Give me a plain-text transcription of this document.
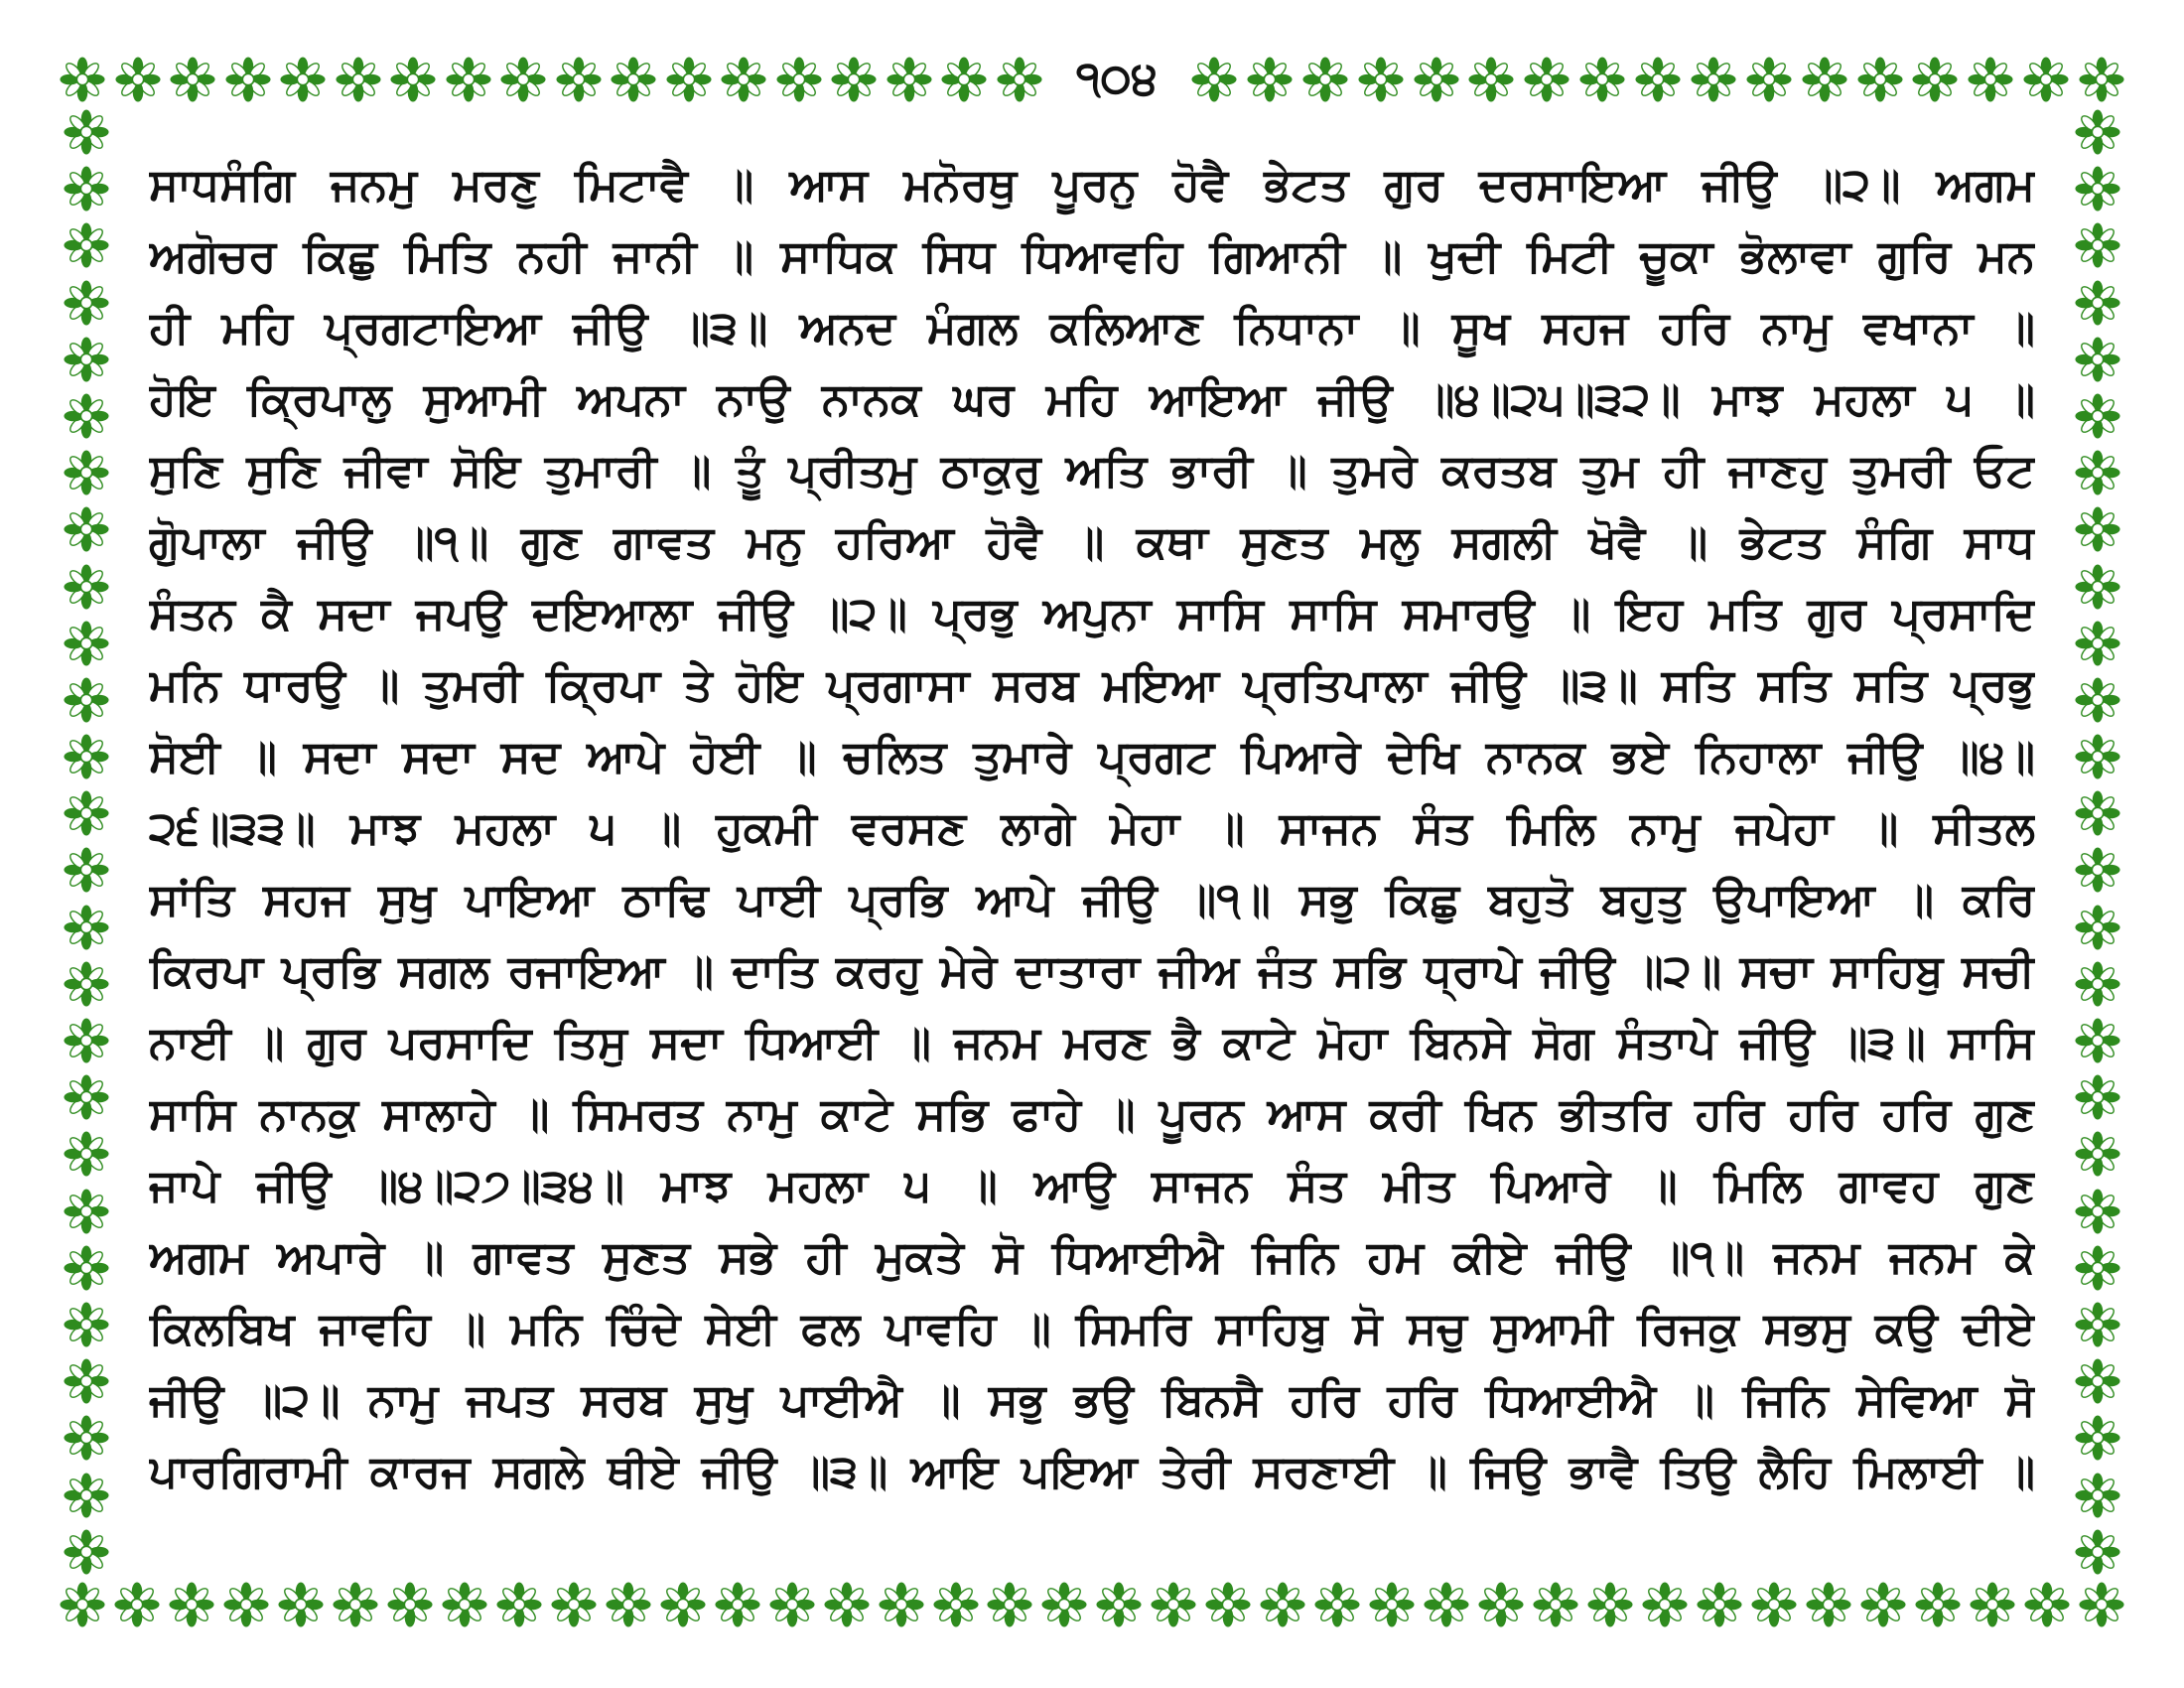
੧੦੪
ਸਾਧਸੰਗਿ ਜਨਮੁ ਮਰਣੁ ਮਿਟਾਵੈ ॥ ਆਸ ਮਨੋਰਥੁ ਪੂਰਨੁ ਹੋਵੈ ਭੇਟਤ ਗੁਰ ਦਰਸਾਇਆ ਜੀਉ ॥੨॥ ਅਗਮ
ਅਗੋਚਰ ਕਿਛੁ ਮਿਤਿ ਨਹੀ ਜਾਨੀ ॥ ਸਾਧਿਕ ਸਿਧ ਧਿਆਵਹਿ ਗਿਆਨੀ ॥ ਖੁਦੀ ਮਿਟੀ ਚੂਕਾ ਭੋਲਾਵਾ ਗੁਰਿ ਮਨ
ਹੀ ਮਹਿ ਪ੍ਰਗਟਾਇਆ ਜੀਉ ॥੩॥ ਅਨਦ ਮੰਗਲ ਕਲਿਆਣ ਨਿਧਾਨਾ ॥ ਸੂਖ ਸਹਜ ਹਰਿ ਨਾਮੁ ਵਖਾਨਾ ॥
ਹੋਇ ਕ੍ਰਿਪਾਲੁ ਸੁਆਮੀ ਅਪਨਾ ਨਾਉ ਨਾਨਕ ਘਰ ਮਹਿ ਆਇਆ ਜੀਉ ॥੪॥੨੫॥੩੨॥ ਮਾਝ ਮਹਲਾ ੫ ॥
ਸੁਣਿ ਸੁਣਿ ਜੀਵਾ ਸੋਇ ਤੁਮਾਰੀ ॥ ਤੂੰ ਪ੍ਰੀਤਮੁ ਠਾਕੁਰੁ ਅਤਿ ਭਾਰੀ ॥ ਤੁਮਰੇ ਕਰਤਬ ਤੁਮ ਹੀ ਜਾਣਹੁ ਤੁਮਰੀ ਓਟ
ਗੁੋਪਾਲਾ ਜੀਉ ॥੧॥ ਗੁਣ ਗਾਵਤ ਮਨੁ ਹਰਿਆ ਹੋਵੈ ॥ ਕਥਾ ਸੁਣਤ ਮਲੁ ਸਗਲੀ ਖੋਵੈ ॥ ਭੇਟਤ ਸੰਗਿ ਸਾਧ
ਸੰਤਨ ਕੈ ਸਦਾ ਜਪਉ ਦਇਆਲਾ ਜੀਉ ॥੨॥ ਪ੍ਰਭੁ ਅਪੁਨਾ ਸਾਸਿ ਸਾਸਿ ਸਮਾਰਉ ॥ ਇਹ ਮਤਿ ਗੁਰ ਪ੍ਰਸਾਦਿ
ਮਨਿ ਧਾਰਉ ॥ ਤੁਮਰੀ ਕ੍ਰਿਪਾ ਤੇ ਹੋਇ ਪ੍ਰਗਾਸਾ ਸਰਬ ਮਇਆ ਪ੍ਰਤਿਪਾਲਾ ਜੀਉ ॥੩॥ ਸਤਿ ਸਤਿ ਸਤਿ ਪ੍ਰਭੁ
ਸੋਈ ॥ ਸਦਾ ਸਦਾ ਸਦ ਆਪੇ ਹੋਈ ॥ ਚਲਿਤ ਤੁਮਾਰੇ ਪ੍ਰਗਟ ਪਿਆਰੇ ਦੇਖਿ ਨਾਨਕ ਭਏ ਨਿਹਾਲਾ ਜੀਉ ॥੪॥
੨੬॥੩੩॥ ਮਾਝ ਮਹਲਾ ੫ ॥ ਹੁਕਮੀ ਵਰਸਣ ਲਾਗੇ ਮੇਹਾ ॥ ਸਾਜਨ ਸੰਤ ਮਿਲਿ ਨਾਮੁ ਜਪੇਹਾ ॥ ਸੀਤਲ
ਸਾਂਤਿ ਸਹਜ ਸੁਖੁ ਪਾਇਆ ਠਾਢਿ ਪਾਈ ਪ੍ਰਭਿ ਆਪੇ ਜੀਉ ॥੧॥ ਸਭੁ ਕਿਛੁ ਬਹੁਤੋ ਬਹੁਤੁ ਉਪਾਇਆ ॥ ਕਰਿ
ਕਿਰਪਾ ਪ੍ਰਭਿ ਸਗਲ ਰਜਾਇਆ ॥ ਦਾਤਿ ਕਰਹੁ ਮੇਰੇ ਦਾਤਾਰਾ ਜੀਅ ਜੰਤ ਸਭਿ ਧ੍ਰਾਪੇ ਜੀਉ ॥੨॥ ਸਚਾ ਸਾਹਿਬੁ ਸਚੀ
ਨਾਈ ॥ ਗੁਰ ਪਰਸਾਦਿ ਤਿਸੁ ਸਦਾ ਧਿਆਈ ॥ ਜਨਮ ਮਰਣ ਭੈ ਕਾਟੇ ਮੋਹਾ ਬਿਨਸੇ ਸੋਗ ਸੰਤਾਪੇ ਜੀਉ ॥੩॥ ਸਾਸਿ
ਸਾਸਿ ਨਾਨਕੁ ਸਾਲਾਹੇ ॥ ਸਿਮਰਤ ਨਾਮੁ ਕਾਟੇ ਸਭਿ ਫਾਹੇ ॥ ਪੂਰਨ ਆਸ ਕਰੀ ਖਿਨ ਭੀਤਰਿ ਹਰਿ ਹਰਿ ਹਰਿ ਗੁਣ
ਜਾਪੇ ਜੀਉ ॥੪॥੨੭॥੩੪॥ ਮਾਝ ਮਹਲਾ ੫ ॥ ਆਉ ਸਾਜਨ ਸੰਤ ਮੀਤ ਪਿਆਰੇ ॥ ਮਿਲਿ ਗਾਵਹ ਗੁਣ
ਅਗਮ ਅਪਾਰੇ ॥ ਗਾਵਤ ਸੁਣਤ ਸਭੇ ਹੀ ਮੁਕਤੇ ਸੋ ਧਿਆਈਐ ਜਿਨਿ ਹਮ ਕੀਏ ਜੀਉ ॥੧॥ ਜਨਮ ਜਨਮ ਕੇ
ਕਿਲਬਿਖ ਜਾਵਹਿ ॥ ਮਨਿ ਚਿੰਦੇ ਸੇਈ ਫਲ ਪਾਵਹਿ ॥ ਸਿਮਰਿ ਸਾਹਿਬੁ ਸੋ ਸਚੁ ਸੁਆਮੀ ਰਿਜਕੁ ਸਭਸੁ ਕਉ ਦੀਏ
ਜੀਉ ॥੨॥ ਨਾਮੁ ਜਪਤ ਸਰਬ ਸੁਖੁ ਪਾਈਐ ॥ ਸਭੁ ਭਉ ਬਿਨਸੈ ਹਰਿ ਹਰਿ ਧਿਆਈਐ ॥ ਜਿਨਿ ਸੇਵਿਆ ਸੋ
ਪਾਰਗਿਰਾਮੀ ਕਾਰਜ ਸਗਲੇ ਥੀਏ ਜੀਉ ॥੩॥ ਆਇ ਪਇਆ ਤੇਰੀ ਸਰਣਾਈ ॥ ਜਿਉ ਭਾਵੈ ਤਿਉ ਲੈਹਿ ਮਿਲਾਈ ॥
